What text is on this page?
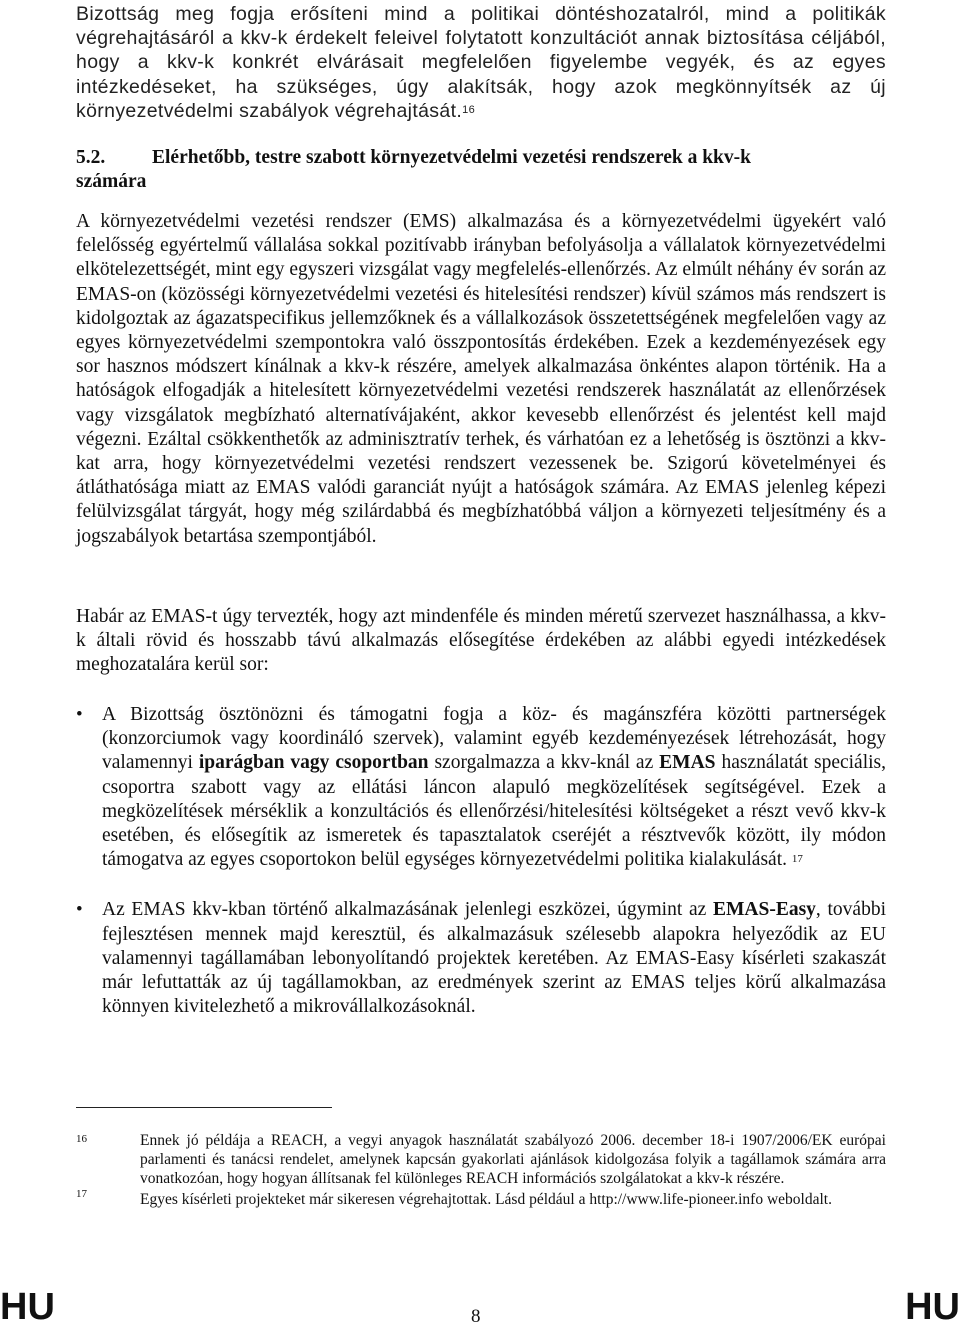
Bizottság meg fogja erősíteni mind a politikai döntéshozatalról, mind a politikák végrehajtásáról a kkv-k érdekelt feleivel folytatott konzultációt annak biztosítása céljából, hogy a kkv-k konkrét elvárásait megfelelően figyelembe vegyék, és az egyes intézkedéseket, ha szükséges, úgy alakítsák, hogy azok megkönnyítsék az új környezetvédelmi szabályok végrehajtását.$^{16}$

5.2. Elérhetőbb, testre szabott környezetvédelmi vezetési rendszerek a kkv-k
számára

A környezetvédelmi vezetési rendszer (EMS) alkalmazása és a környezetvédelmi ügyekért való felelősség egyértelmű vállalása sokkal pozitívabb irányban befolyásolja a vállalatok környezetvédelmi elkötelezettségét, mint egy egyszeri vizsgálat vagy megfelelés-ellenőrzés. Az elmúlt néhány év során az EMAS-on (közösségi környezetvédelmi vezetési és hitelesítési rendszer) kívül számos más rendszert is kidolgoztak az ágazatspecifikus jellemzőknek és a vállalkozások összetettségének megfelelően vagy az egyes környezetvédelmi szempontokra való összpontosítás érdekében. Ezek a kezdeményezések egy sor hasznos módszert kínálnak a kkv-k részére, amelyek alkalmazása önkéntes alapon történik. Ha a hatóságok elfogadják a hitelesített környezetvédelmi vezetési rendszerek használatát az ellenőrzések vagy vizsgálatok megbízható alternatívájaként, akkor kevesebb ellenőrzést és jelentést kell majd végezni. Ezáltal csökkenthetők az adminisztratív terhek, és várhatóan ez a lehetőség is ösztönzi a kkv-kat arra, hogy környezetvédelmi vezetési rendszert vezessenek be. Szigorú követelményei és átláthatósága miatt az EMAS valódi garanciát nyújt a hatóságok számára. Az EMAS jelenleg képezi felülvizsgálat tárgyát, hogy még szilárdabbá és megbízhatóbbá váljon a környezeti teljesítmény és a jogszabályok betartása szempontjából.

Habár az EMAS-t úgy tervezték, hogy azt mindenféle és minden méretű szervezet használhassa, a kkv-k általi rövid és hosszabb távú alkalmazás elősegítése érdekében az alábbi egyedi intézkedések meghozatalára kerül sor:

• A Bizottság ösztönözni és támogatni fogja a köz- és magánszféra közötti partnerségek (konzorciumok vagy koordináló szervek), valamint egyéb kezdeményezések létrehozását, hogy valamennyi iparágban vagy csoportban szorgalmazza a kkv-knál az EMAS használatát speciális, csoportra szabott vagy az ellátási láncon alapuló megközelítések segítségével. Ezek a megközelítések mérséklik a konzultációs és ellenőrzési/hitelesítési költségeket a részt vevő kkv-k esetében, és elősegítik az ismeretek és tapasztalatok cseréjét a résztvevők között, ily módon támogatva az egyes csoportokon belül egységes környezetvédelmi politika kialakulását. $^{17}$
• Az EMAS kkv-kban történő alkalmazásának jelenlegi eszközei, úgymint az EMAS-Easy, további fejlesztésen mennek majd keresztül, és alkalmazásuk szélesebb alapokra helyeződik az EU valamennyi tagállamában lebonyolítandó projektek keretében. Az EMAS-Easy kísérleti szakaszát már lefuttatták az új tagállamokban, az eredmények szerint az EMAS teljes körű alkalmazása könnyen kivitelezhető a mikrovállalkozásoknál.

16	Ennek jó példája a REACH, a vegyi anyagok használatát szabályozó 2006. december 18-i 1907/2006/EK európai parlamenti és tanácsi rendelet, amelynek kapcsán gyakorlati ajánlások kidolgozása folyik a tagállamok számára arra vonatkozóan, hogy hogyan állítsanak fel különleges REACH információs szolgálatokat a kkv-k részére.

17	Egyes kísérleti projekteket már sikeresen végrehajtottak. Lásd például a http://www.life-pioneer.info weboldalt.

HU	8	HU
